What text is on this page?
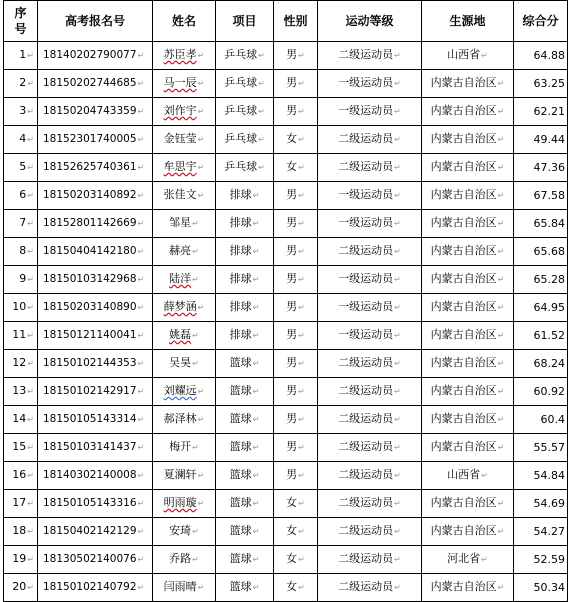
序号	高考报名号	姓名	项目	性别	运动等级	生源地	综合分
1↵	18140202790077↵	苏臣孝↵	乒乓球↵	男↵	二级运动员↵	山西省↵	64.88
2↵	18150202744685↵	马一辰↵	乒乓球↵	男↵	一级运动员↵	内蒙古自治区↵	63.25
3↵	18150204743359↵	刘作宇↵	乒乓球↵	男↵	一级运动员↵	内蒙古自治区↵	62.21
4↵	18152301740005↵	金钰莹↵	乒乓球↵	女↵	二级运动员↵	内蒙古自治区↵	49.44
5↵	18152625740361↵	牟思宇↵	乒乓球↵	女↵	二级运动员↵	内蒙古自治区↵	47.36
6↵	18150203140892↵	张佳文↵	排球↵	男↵	一级运动员↵	内蒙古自治区↵	67.58
7↵	18152801142669↵	邹星↵	排球↵	男↵	一级运动员↵	内蒙古自治区↵	65.84
8↵	18150404142180↵	赫亮↵	排球↵	男↵	二级运动员↵	内蒙古自治区↵	65.68
9↵	18150103142968↵	陆洋↵	排球↵	男↵	一级运动员↵	内蒙古自治区↵	65.28
10↵	18150203140890↵	薛梦涵↵	排球↵	男↵	一级运动员↵	内蒙古自治区↵	64.95
11↵	18150121140041↵	姚磊↵	排球↵	男↵	一级运动员↵	内蒙古自治区↵	61.52
12↵	18150102144353↵	吴昊↵	篮球↵	男↵	二级运动员↵	内蒙古自治区↵	68.24
13↵	18150102142917↵	刘耀远↵	篮球↵	男↵	二级运动员↵	内蒙古自治区↵	60.92
14↵	18150105143314↵	郝泽林↵	篮球↵	男↵	二级运动员↵	内蒙古自治区↵	60.4
15↵	18150103141437↵	梅开↵	篮球↵	男↵	二级运动员↵	内蒙古自治区↵	55.57
16↵	18140302140008↵	夏澜轩↵	篮球↵	男↵	二级运动员↵	山西省↵	54.84
17↵	18150105143316↵	明雨璇↵	篮球↵	女↵	二级运动员↵	内蒙古自治区↵	54.69
18↵	18150402142129↵	安琦↵	篮球↵	女↵	二级运动员↵	内蒙古自治区↵	54.27
19↵	18130502140076↵	乔路↵	篮球↵	女↵	二级运动员↵	河北省↵	52.59
20↵	18150102140792↵	闫雨晴↵	篮球↵	女↵	二级运动员↵	内蒙古自治区↵	50.34
